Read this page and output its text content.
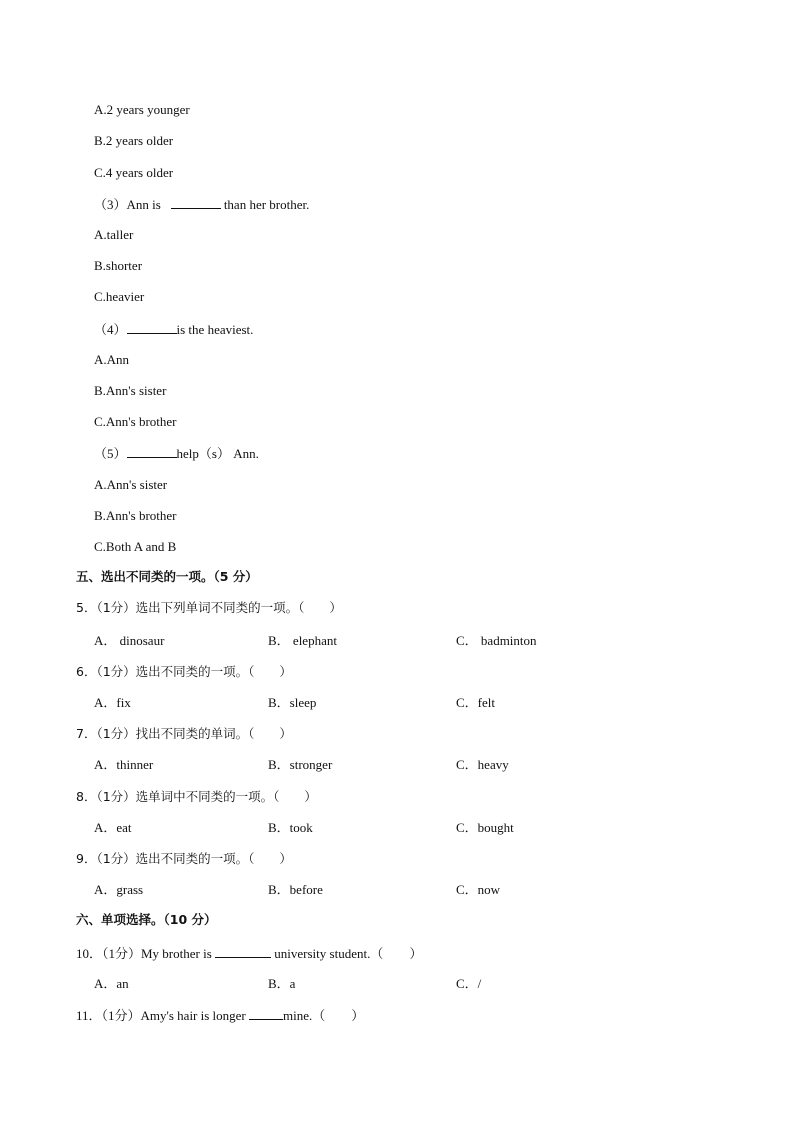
A.2 years younger
B.2 years older
C.4 years older
（3）Ann is	than her brother.
A.taller
B.shorter
C.heavier
（4）	is the heaviest.
A.Ann
B.Ann's sister
C.Ann's brother
（5）	help（s） Ann.
A.Ann's sister
B.Ann's brother
C.Both A and B
五、选出不同类的一项。（5 分）
5．（1分）选出下列单词不同类的一项。（　　）
A． dinosaur	B． elephant	C． badminton
6．（1分）选出不同类的一项。（　　）
A．fix	B．sleep	C．felt
7．（1分）找出不同类的单词。（　　）
A．thinner	B．stronger	C．heavy
8．（1分）选单词中不同类的一项。（　　）
A．eat	B．took	C．bought
9．（1分）选出不同类的一项。（　　）
A．grass	B．before	C．now
六、单项选择。（10 分）
10．（1分）My brother is	university student.（　　）
A．an	B．a	C．/
11．（1分）Amy's hair is longer	mine.（　　）
